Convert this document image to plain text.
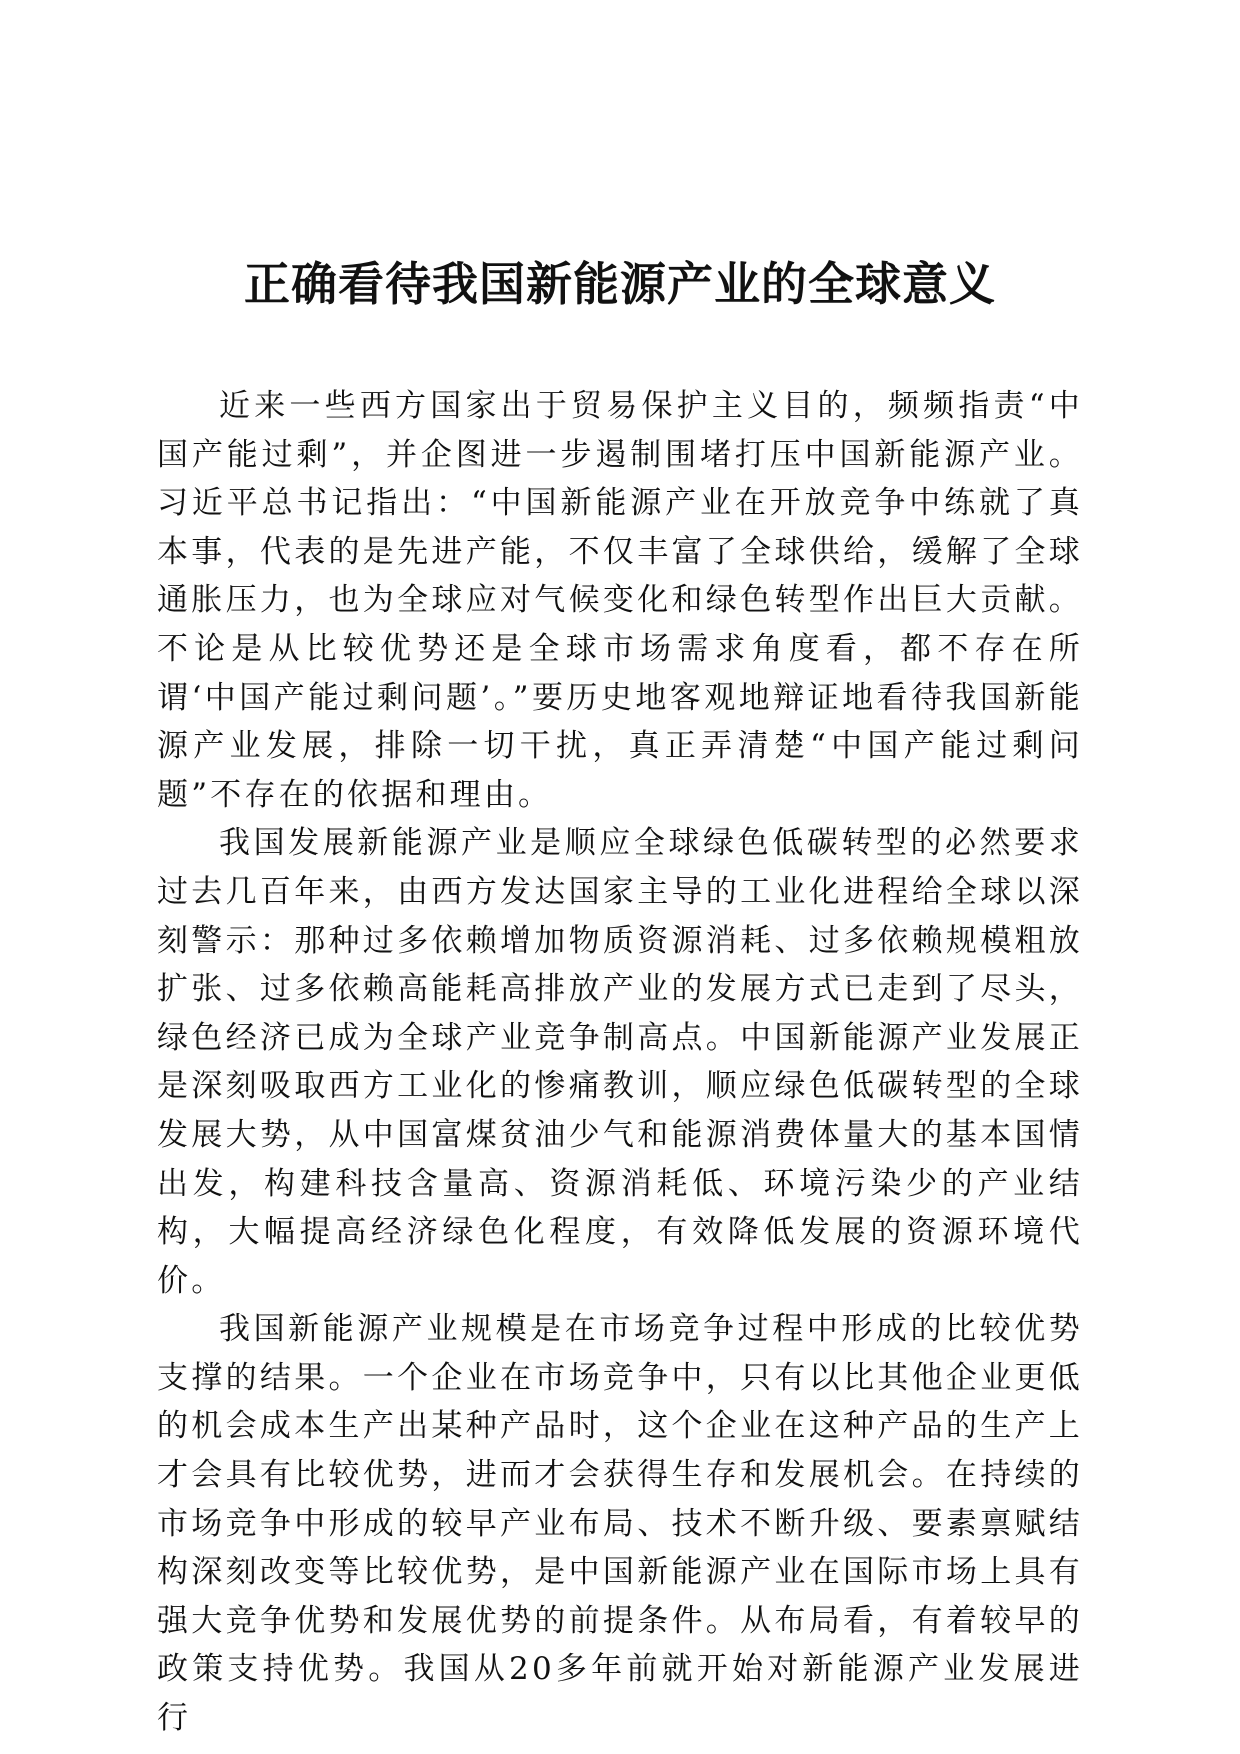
正确看待我国新能源产业的全球意义

近来一些西方国家出于贸易保护主义目的，频频指责“中国产能过剩”，并企图进一步遏制围堵打压中国新能源产业。习近平总书记指出：“中国新能源产业在开放竞争中练就了真本事，代表的是先进产能，不仅丰富了全球供给，缓解了全球通胀压力，也为全球应对气候变化和绿色转型作出巨大贡献。不论是从比较优势还是全球市场需求角度看，都不存在所谓‘中国产能过剩问题’。”要历史地客观地辩证地看待我国新能源产业发展，排除一切干扰，真正弄清楚“中国产能过剩问题”不存在的依据和理由。

我国发展新能源产业是顺应全球绿色低碳转型的必然要求过去几百年来，由西方发达国家主导的工业化进程给全球以深刻警示：那种过多依赖增加物质资源消耗、过多依赖规模粗放扩张、过多依赖高能耗高排放产业的发展方式已走到了尽头，绿色经济已成为全球产业竞争制高点。中国新能源产业发展正是深刻吸取西方工业化的惨痛教训，顺应绿色低碳转型的全球发展大势，从中国富煤贫油少气和能源消费体量大的基本国情出发，构建科技含量高、资源消耗低、环境污染少的产业结构，大幅提高经济绿色化程度，有效降低发展的资源环境代价。

我国新能源产业规模是在市场竞争过程中形成的比较优势支撑的结果。一个企业在市场竞争中，只有以比其他企业更低的机会成本生产出某种产品时，这个企业在这种产品的生产上才会具有比较优势，进而才会获得生存和发展机会。在持续的市场竞争中形成的较早产业布局、技术不断升级、要素禀赋结构深刻改变等比较优势，是中国新能源产业在国际市场上具有强大竞争优势和发展优势的前提条件。从布局看，有着较早的政策支持优势。我国从20多年前就开始对新能源产业发展进行
